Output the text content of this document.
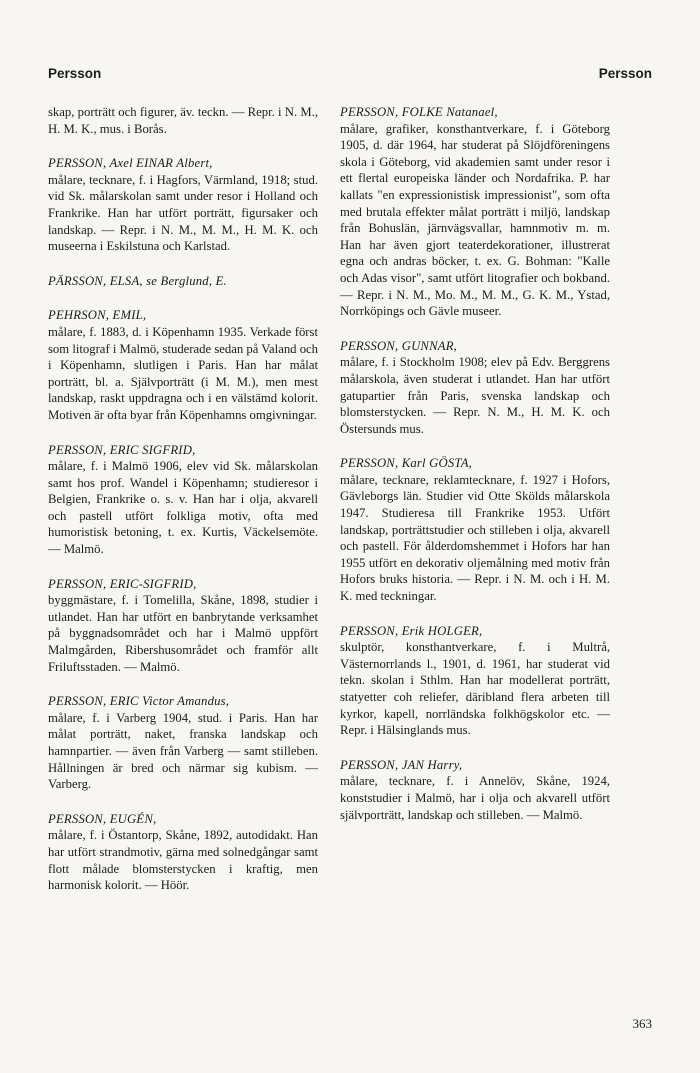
Persson	Persson
skap, porträtt och figurer, äv. teckn. — Repr. i N. M., H. M. K., mus. i Borås.
PERSSON, Axel EINAR Albert,
målare, tecknare, f. i Hagfors, Värmland, 1918; stud. vid Sk. målarskolan samt under resor i Holland och Frankrike. Han har utfört porträtt, figursaker och landskap. — Repr. i N. M., M. M., H. M. K. och museerna i Eskilstuna och Karlstad.
PÄRSSON, ELSA, se Berglund, E.
PEHRSON, EMIL,
målare, f. 1883, d. i Köpenhamn 1935. Verkade först som litograf i Malmö, studerade sedan på Valand och i Köpenhamn, slutligen i Paris. Han har målat porträtt, bl. a. Självporträtt (i M. M.), men mest landskap, raskt uppdragna och i en välstämd kolorit. Motiven är ofta byar från Köpenhamns omgivningar.
PERSSON, ERIC SIGFRID,
målare, f. i Malmö 1906, elev vid Sk. målarskolan samt hos prof. Wandel i Köpenhamn; studieresor i Belgien, Frankrike o. s. v. Han har i olja, akvarell och pastell utfört folkliga motiv, ofta med humoristisk betoning, t. ex. Kurtis, Väckelsemöte. — Malmö.
PERSSON, ERIC-SIGFRID,
byggmästare, f. i Tomelilla, Skåne, 1898, studier i utlandet. Han har utfört en banbrytande verksamhet på byggnadsområdet och har i Malmö uppfört Malmgården, Ribershusområdet och framför allt Friluftsstaden. — Malmö.
PERSSON, ERIC Victor Amandus,
målare, f. i Varberg 1904, stud. i Paris. Han har målat porträtt, naket, franska landskap och hamnpartier. — även från Varberg — samt stilleben. Hållningen är bred och närmar sig kubism. — Varberg.
PERSSON, EUGÉN,
målare, f. i Östantorp, Skåne, 1892, autodidakt. Han har utfört strandmotiv, gärna med solnedgångar samt flott målade blomsterstycken i kraftig, men harmonisk kolorit. — Höör.
PERSSON, FOLKE Natanael,
målare, grafiker, konsthantverkare, f. i Göteborg 1905, d. där 1964, har studerat på Slöjdföreningens skola i Göteborg, vid akademien samt under resor i ett flertal europeiska länder och Nordafrika. P. har kallats "en expressionistisk impressionist", som ofta med brutala effekter målat porträtt i miljö, landskap från Bohuslän, järnvägsvallar, hamnmotiv m. m. Han har även gjort teaterdekorationer, illustrerat egna och andras böcker, t. ex. G. Bohman: "Kalle och Adas visor", samt utfört litografier och bokband. — Repr. i N. M., Mo. M., M. M., G. K. M., Ystad, Norrköpings och Gävle museer.
PERSSON, GUNNAR,
målare, f. i Stockholm 1908; elev på Edv. Berggrens målarskola, även studerat i utlandet. Han har utfört gatupartier från Paris, svenska landskap och blomsterstycken. — Repr. N. M., H. M. K. och Östersunds mus.
PERSSON, Karl GÖSTA,
målare, tecknare, reklamtecknare, f. 1927 i Hofors, Gävleborgs län. Studier vid Otte Skölds målarskola 1947. Studieresa till Frankrike 1953. Utfört landskap, porträttstudier och stilleben i olja, akvarell och pastell. För ålderdomshemmet i Hofors har han 1955 utfört en dekorativ oljemålning med motiv från Hofors bruks historia. — Repr. i N. M. och i H. M. K. med teckningar.
PERSSON, Erik HOLGER,
skulptör, konsthantverkare, f. i Multrå, Västernorrlands l., 1901, d. 1961, har studerat vid tekn. skolan i Sthlm. Han har modellerat porträtt, statyetter coh reliefer, däribland flera arbeten till kyrkor, kapell, norrländska folkhögskolor etc. — Repr. i Hälsinglands mus.
PERSSON, JAN Harry,
målare, tecknare, f. i Annelöv, Skåne, 1924, konststudier i Malmö, har i olja och akvarell utfört självporträtt, landskap och stilleben. — Malmö.
363
